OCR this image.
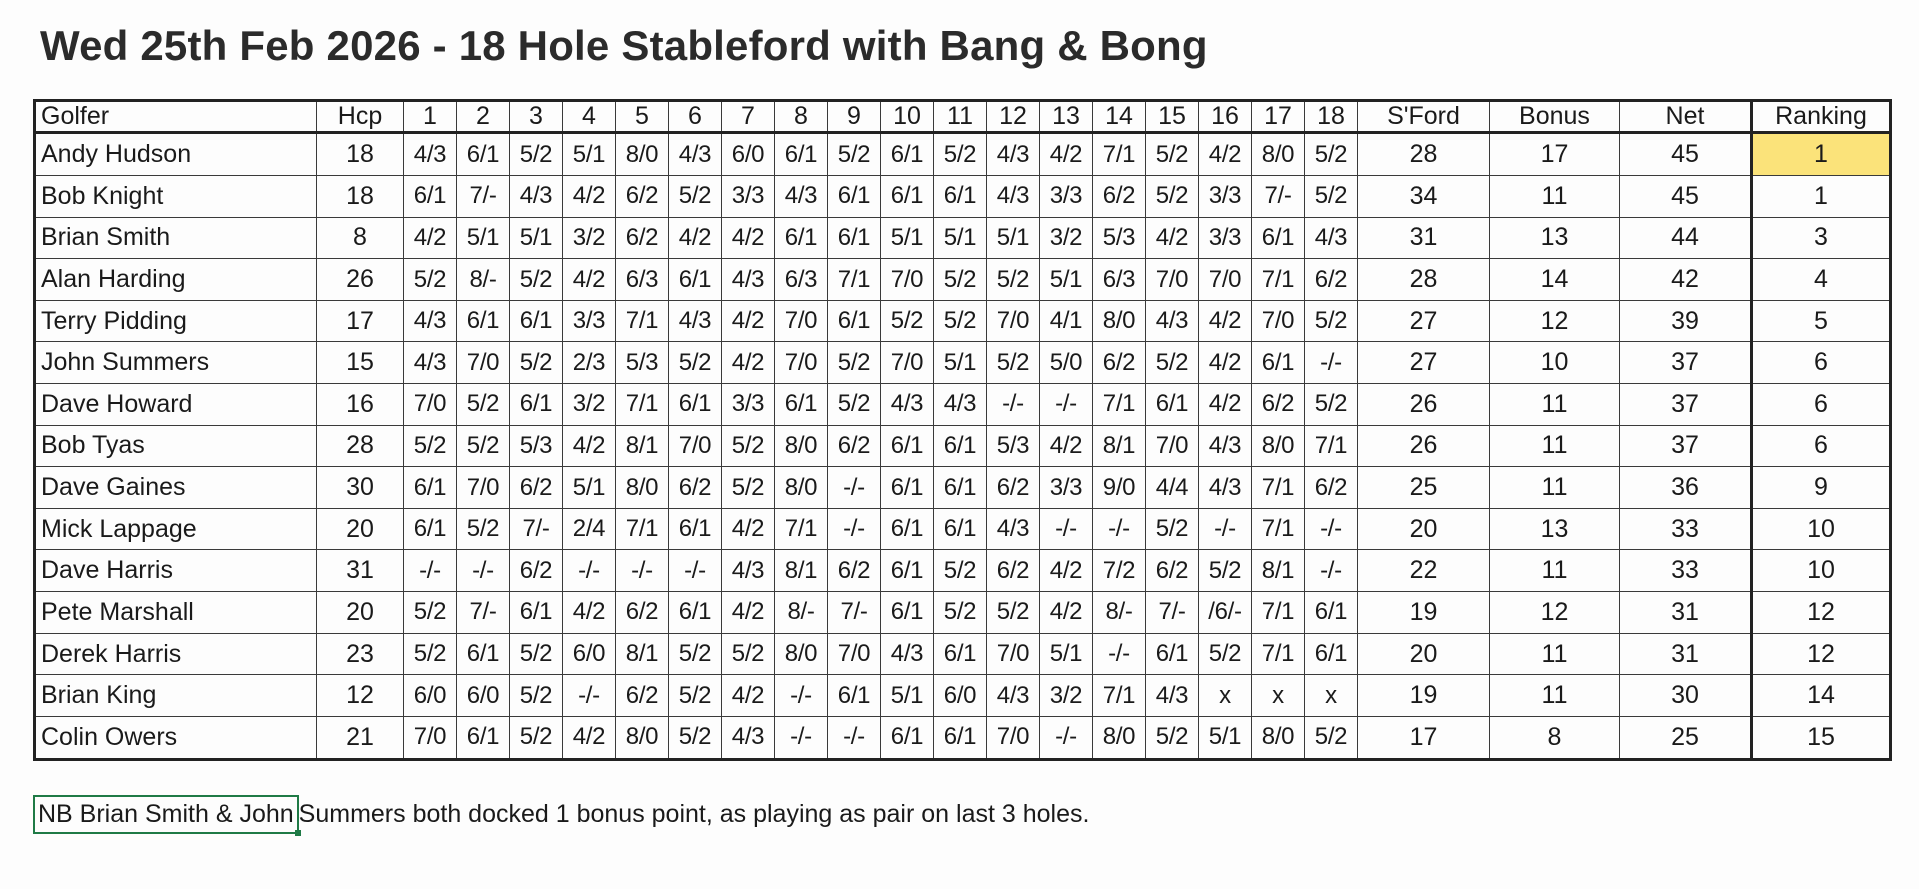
Wed 25th Feb 2026 - 18 Hole Stableford with Bang & Bong
Golfer	Hcp	1	2	3	4	5	6	7	8	9	10	11	12	13	14	15	16	17	18	S'Ford	Bonus	Net	Ranking
Andy Hudson	18	4/3	6/1	5/2	5/1	8/0	4/3	6/0	6/1	5/2	6/1	5/2	4/3	4/2	7/1	5/2	4/2	8/0	5/2	28	17	45	1
Bob Knight	18	6/1	7/-	4/3	4/2	6/2	5/2	3/3	4/3	6/1	6/1	6/1	4/3	3/3	6/2	5/2	3/3	7/-	5/2	34	11	45	1
Brian Smith	8	4/2	5/1	5/1	3/2	6/2	4/2	4/2	6/1	6/1	5/1	5/1	5/1	3/2	5/3	4/2	3/3	6/1	4/3	31	13	44	3
Alan Harding	26	5/2	8/-	5/2	4/2	6/3	6/1	4/3	6/3	7/1	7/0	5/2	5/2	5/1	6/3	7/0	7/0	7/1	6/2	28	14	42	4
Terry Pidding	17	4/3	6/1	6/1	3/3	7/1	4/3	4/2	7/0	6/1	5/2	5/2	7/0	4/1	8/0	4/3	4/2	7/0	5/2	27	12	39	5
John Summers	15	4/3	7/0	5/2	2/3	5/3	5/2	4/2	7/0	5/2	7/0	5/1	5/2	5/0	6/2	5/2	4/2	6/1	-/-	27	10	37	6
Dave Howard	16	7/0	5/2	6/1	3/2	7/1	6/1	3/3	6/1	5/2	4/3	4/3	-/-	-/-	7/1	6/1	4/2	6/2	5/2	26	11	37	6
Bob Tyas	28	5/2	5/2	5/3	4/2	8/1	7/0	5/2	8/0	6/2	6/1	6/1	5/3	4/2	8/1	7/0	4/3	8/0	7/1	26	11	37	6
Dave Gaines	30	6/1	7/0	6/2	5/1	8/0	6/2	5/2	8/0	-/-	6/1	6/1	6/2	3/3	9/0	4/4	4/3	7/1	6/2	25	11	36	9
Mick Lappage	20	6/1	5/2	7/-	2/4	7/1	6/1	4/2	7/1	-/-	6/1	6/1	4/3	-/-	-/-	5/2	-/-	7/1	-/-	20	13	33	10
Dave Harris	31	-/-	-/-	6/2	-/-	-/-	-/-	4/3	8/1	6/2	6/1	5/2	6/2	4/2	7/2	6/2	5/2	8/1	-/-	22	11	33	10
Pete Marshall	20	5/2	7/-	6/1	4/2	6/2	6/1	4/2	8/-	7/-	6/1	5/2	5/2	4/2	8/-	7/-	/6/-	7/1	6/1	19	12	31	12
Derek Harris	23	5/2	6/1	5/2	6/0	8/1	5/2	5/2	8/0	7/0	4/3	6/1	7/0	5/1	-/-	6/1	5/2	7/1	6/1	20	11	31	12
Brian King	12	6/0	6/0	5/2	-/-	6/2	5/2	4/2	-/-	6/1	5/1	6/0	4/3	3/2	7/1	4/3	x	x	x	19	11	30	14
Colin Owers	21	7/0	6/1	5/2	4/2	8/0	5/2	4/3	-/-	-/-	6/1	6/1	7/0	-/-	8/0	5/2	5/1	8/0	5/2	17	8	25	15
NB Brian Smith & John Summers both docked 1 bonus point, as playing as pair on last 3 holes.
